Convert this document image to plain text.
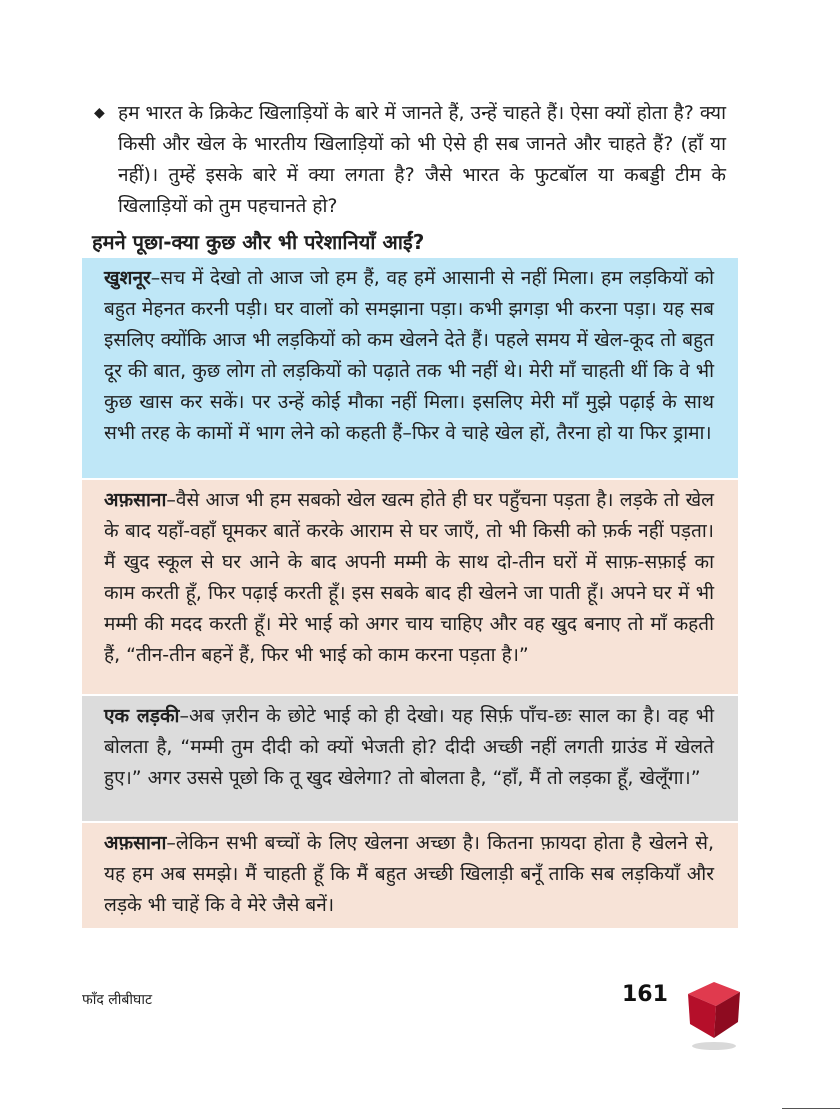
◆ हम भारत के क्रिकेट खिलाड़ियों के बारे में जानते हैं, उन्हें चाहते हैं। ऐसा क्यों होता है? क्या किसी और खेल के भारतीय खिलाड़ियों को भी ऐसे ही सब जानते और चाहते हैं? (हाँ या नहीं)। तुम्हें इसके बारे में क्या लगता है? जैसे भारत के फुटबॉल या कबड्डी टीम के खिलाड़ियों को तुम पहचानते हो?
हमने पूछा-क्या कुछ और भी परेशानियाँ आईं?
खुशनूर–सच में देखो तो आज जो हम हैं, वह हमें आसानी से नहीं मिला। हम लड़कियों को बहुत मेहनत करनी पड़ी। घर वालों को समझाना पड़ा। कभी झगड़ा भी करना पड़ा। यह सब इसलिए क्योंकि आज भी लड़कियों को कम खेलने देते हैं। पहले समय में खेल-कूद तो बहुत दूर की बात, कुछ लोग तो लड़कियों को पढ़ाते तक भी नहीं थे। मेरी माँ चाहती थीं कि वे भी कुछ खास कर सकें। पर उन्हें कोई मौका नहीं मिला। इसलिए मेरी माँ मुझे पढ़ाई के साथ सभी तरह के कामों में भाग लेने को कहती हैं–फिर वे चाहे खेल हों, तैरना हो या फिर ड्रामा।
अफ़साना–वैसे आज भी हम सबको खेल खत्म होते ही घर पहुँचना पड़ता है। लड़के तो खेल के बाद यहाँ-वहाँ घूमकर बातें करके आराम से घर जाएँ, तो भी किसी को फ़र्क नहीं पड़ता। मैं खुद स्कूल से घर आने के बाद अपनी मम्मी के साथ दो-तीन घरों में साफ़-सफ़ाई का काम करती हूँ, फिर पढ़ाई करती हूँ। इस सबके बाद ही खेलने जा पाती हूँ। अपने घर में भी मम्मी की मदद करती हूँ। मेरे भाई को अगर चाय चाहिए और वह खुद बनाए तो माँ कहती हैं, “तीन-तीन बहनें हैं, फिर भी भाई को काम करना पड़ता है।”
एक लड़की–अब ज़रीन के छोटे भाई को ही देखो। यह सिर्फ़ पाँच-छः साल का है। वह भी बोलता है, “मम्मी तुम दीदी को क्यों भेजती हो? दीदी अच्छी नहीं लगती ग्राउंड में खेलते हुए।” अगर उससे पूछो कि तू खुद खेलेगा? तो बोलता है, “हाँ, मैं तो लड़का हूँ, खेलूँगा।”
अफ़साना–लेकिन सभी बच्चों के लिए खेलना अच्छा है। कितना फ़ायदा होता है खेलने से, यह हम अब समझे। मैं चाहती हूँ कि मैं बहुत अच्छी खिलाड़ी बनूँ ताकि सब लड़कियाँ और लड़के भी चाहें कि वे मेरे जैसे बनें।
फाँद लीबीघाट	161
